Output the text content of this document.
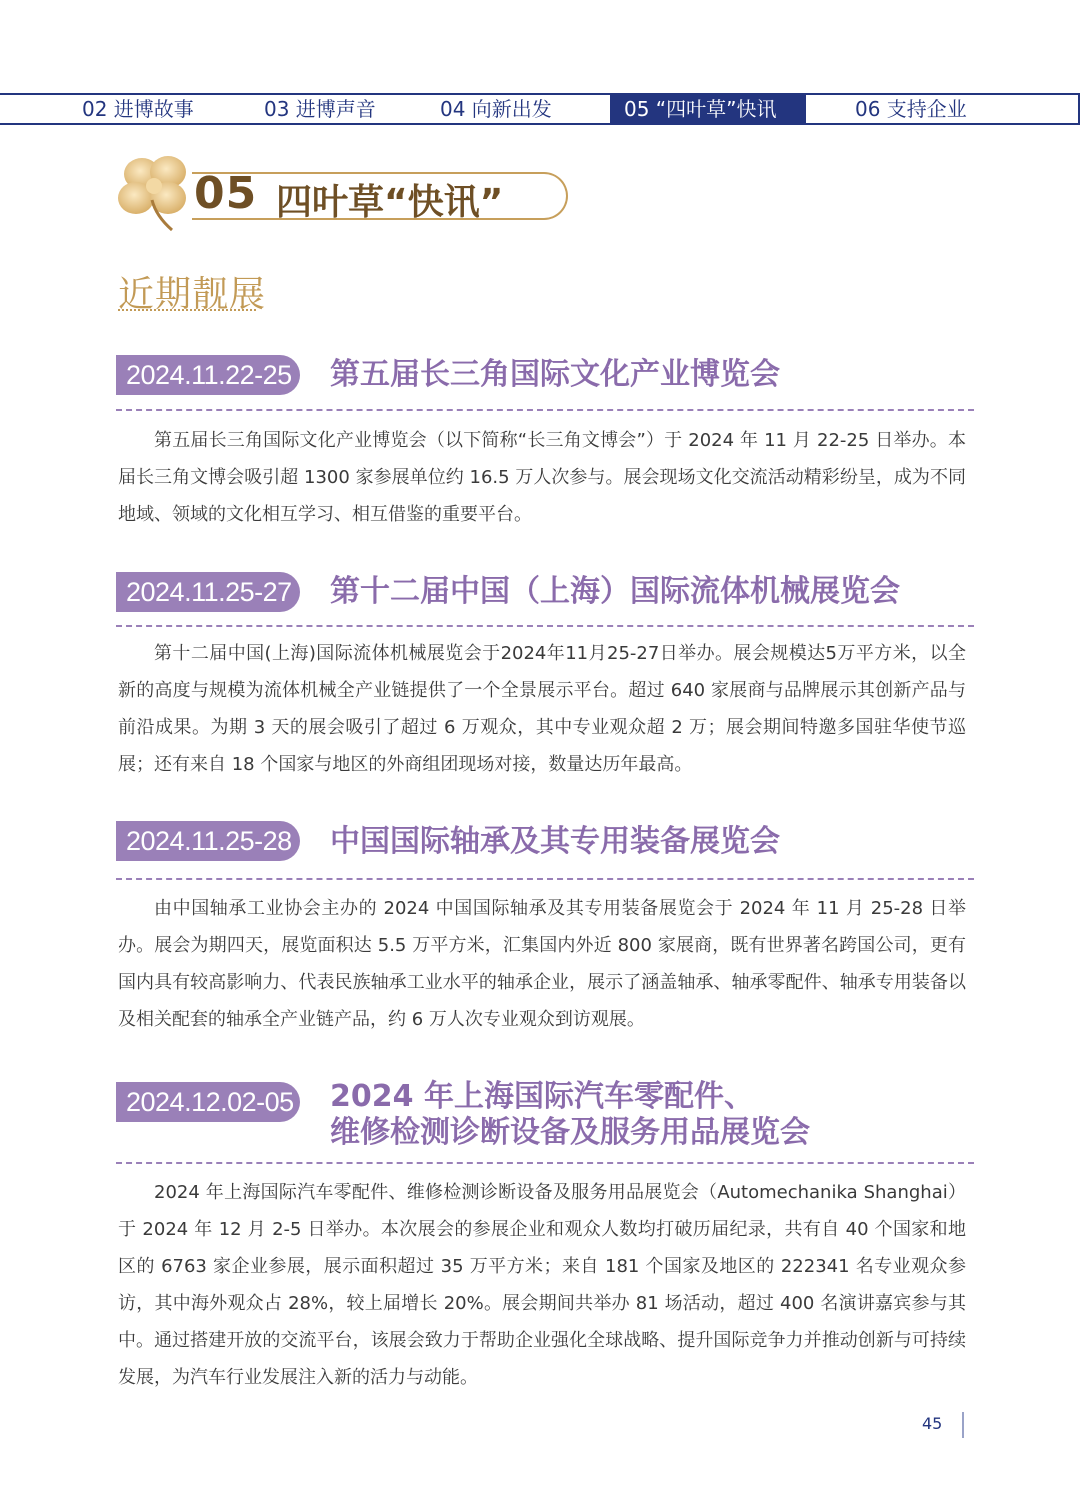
02 进博故事	03 进博声音	04 向新出发	05 “四叶草”快讯	06 支持企业
05 四叶草“快讯”
近期靓展
2024.11.22-25 第五届长三角国际文化产业博览会

第五届长三角国际文化产业博览会（以下简称“长三角文博会”）于 2024 年 11 月 22-25 日举办。本届长三角文博会吸引超 1300 家参展单位约 16.5 万人次参与。展会现场文化交流活动精彩纷呈，成为不同地域、领域的文化相互学习、相互借鉴的重要平台。

2024.11.25-27 第十二届中国（上海）国际流体机械展览会

第十二届中国(上海)国际流体机械展览会于2024年11月25-27日举办。展会规模达5万平方米，以全新的高度与规模为流体机械全产业链提供了一个全景展示平台。超过 640 家展商与品牌展示其创新产品与前沿成果。为期 3 天的展会吸引了超过 6 万观众，其中专业观众超 2 万；展会期间特邀多国驻华使节巡展；还有来自 18 个国家与地区的外商组团现场对接，数量达历年最高。

2024.11.25-28 中国国际轴承及其专用装备展览会

由中国轴承工业协会主办的 2024 中国国际轴承及其专用装备展览会于 2024 年 11 月 25-28 日举办。展会为期四天，展览面积达 5.5 万平方米，汇集国内外近 800 家展商，既有世界著名跨国公司，更有国内具有较高影响力、代表民族轴承工业水平的轴承企业，展示了涵盖轴承、轴承零配件、轴承专用装备以及相关配套的轴承全产业链产品，约 6 万人次专业观众到访观展。

2024.12.02-05 2024 年上海国际汽车零配件、
维修检测诊断设备及服务用品展览会

2024 年上海国际汽车零配件、维修检测诊断设备及服务用品展览会（Automechanika Shanghai）于 2024 年 12 月 2-5 日举办。本次展会的参展企业和观众人数均打破历届纪录，共有自 40 个国家和地区的 6763 家企业参展，展示面积超过 35 万平方米；来自 181 个国家及地区的 222341 名专业观众参访，其中海外观众占 28%，较上届增长 20%。展会期间共举办 81 场活动，超过 400 名演讲嘉宾参与其中。通过搭建开放的交流平台，该展会致力于帮助企业强化全球战略、提升国际竞争力并推动创新与可持续发展，为汽车行业发展注入新的活力与动能。

45
